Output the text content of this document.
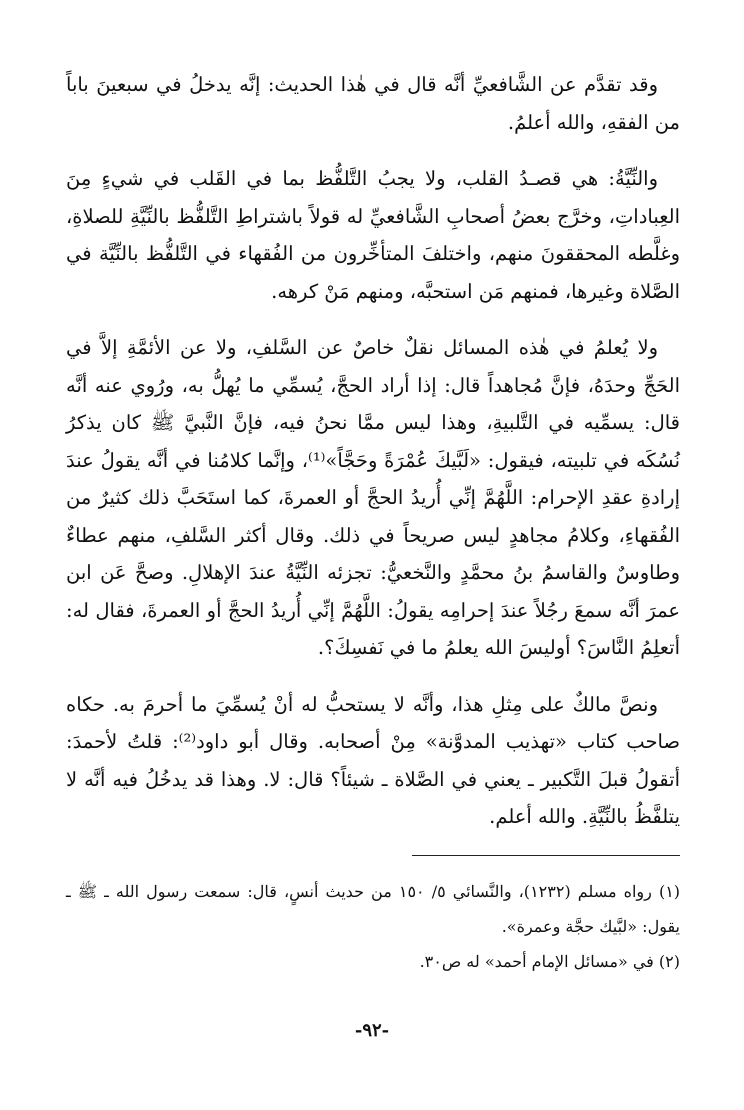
وقد تقدَّم عن الشَّافعيِّ أنَّه قال في هٰذا الحديث: إنَّه يدخلُ في سبعينَ باباً من الفقهِ، والله أعلمُ.

والنِّيَّةُ: هي قصـدُ القلب، ولا يجبُ التَّلفُّظ بما في القَلب في شيءٍ مِنَ العِباداتِ، وخرَّج بعضُ أصحابِ الشَّافعيِّ له قولاً باشتراطِ التَّلفُّظ بالنِّيَّةِ للصلاةِ، وغلَّطه المحققونَ منهم، واختلفَ المتأخِّرون من الفُقهاء في التَّلفُّظ بالنِّيَّة في الصَّلاة وغيرها، فمنهم مَن استحبَّه، ومنهم مَنْ كرهه.

ولا يُعلمُ في هٰذه المسائل نقلٌ خاصٌ عن السَّلفِ، ولا عن الأئمَّةِ إلاَّ في الحَجِّ وحدَهُ، فإنَّ مُجاهداً قال: إذا أراد الحجَّ، يُسمِّي ما يُهلُّ به، ورُوي عنه أنَّه قال: يسمِّيه في التَّلبيةِ، وهذا ليس ممَّا نحنُ فيه، فإنَّ النَّبيَّ ﷺ كان يذكرُ نُسُكَه في تلبيته، فيقول: «لَبَّيكَ عُمْرَةً وحَجَّاً»⁽¹⁾، وإنَّما كلامُنا في أنَّه يقولُ عندَ إرادةِ عقدِ الإحرام: اللَّهُمَّ إنِّي أُريدُ الحجَّ أو العمرةَ، كما استَحَبَّ ذلك كثيرٌ من الفُقهاءِ، وكلامُ مجاهدٍ ليس صريحاً في ذلك. وقال أكثر السَّلفِ، منهم عطاءٌ وطاوسٌ والقاسمُ بنُ محمَّدٍ والنَّخعيُّ: تجزئه النِّيَّةُ عندَ الإهلالِ. وصحَّ عَن ابن عمرَ أنَّه سمعَ رجُلاً عندَ إحرامِه يقولُ: اللَّهُمَّ إنِّي أُريدُ الحجَّ أو العمرةَ، فقال له: أتعلِمُ النَّاسَ؟ أوليسَ الله يعلمُ ما في نَفسِكَ؟.

ونصَّ مالكٌ على مِثلِ هذا، وأنَّه لا يستحبُّ له أنْ يُسمِّيَ ما أحرمَ به. حكاه صاحب كتاب «تهذيب المدوَّنة» مِنْ أصحابه. وقال أبو داود⁽²⁾: قلتُ لأحمدَ: أتقولُ قبلَ التَّكبير ـ يعني في الصَّلاة ـ شيئاً؟ قال: لا. وهذا قد يدخُلُ فيه أنَّه لا يتلفَّظُ بالنِّيَّةِ. والله أعلم.

(١) رواه مسلم (١٢٣٢)، والنَّسائي ٥/ ١٥٠ من حديث أنسٍ، قال: سمعت رسول الله ـ ﷺ ـ يقول: «لبَّيك حجَّة وعمرة».

(٢) في «مسائل الإمام أحمد» له ص٣٠.

-٩٢-
